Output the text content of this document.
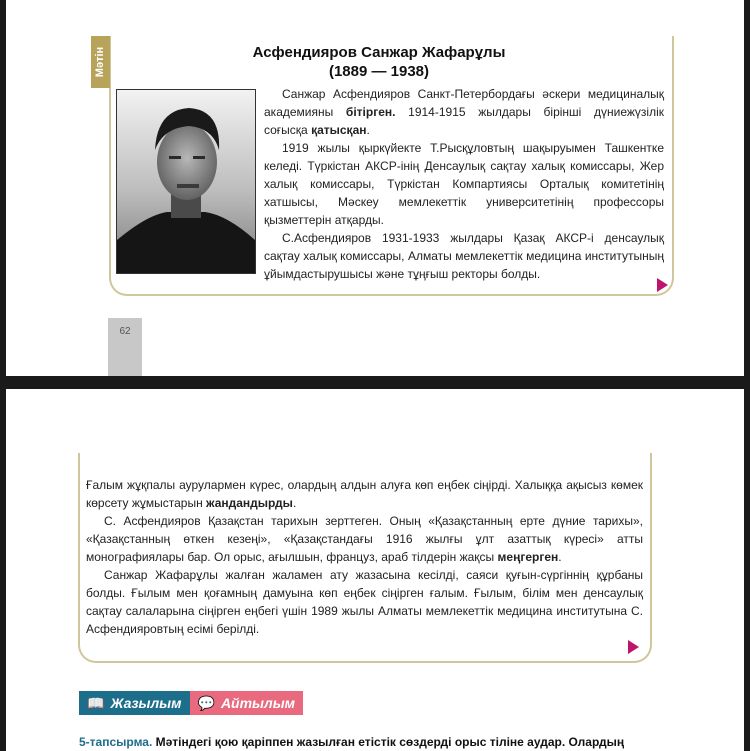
Мәтін	Асфендияров Санжар Жафарұлы
(1889 — 1938)

Санжар Асфендияров Санкт-Петербордағы әскери медициналық академияны бітірген. 1914-1915 жылдары бірінші дүниежүзілік соғысқа қатысқан.

1919 жылы қыркүйекте Т.Рысқұловтың шақыруымен Ташкентке келеді. Түркістан АКСР-інің Денсаулық сақтау халық комиссары, Жер халық комиссары, Түркістан Компартиясы Орталық комитетінің хатшысы, Мәскеу мемлекеттік университетінің профессоры қызметтерін атқарды.

С.Асфендияров 1931-1933 жылдары Қазақ АКСР-і денсаулық сақтау халық комиссары, Алматы мемлекеттік медицина институтының ұйымдастырушысы және тұңғыш ректоры болды.

62

Ғалым жұқпалы аурулармен күрес, олардың алдын алуға көп еңбек сіңірді. Халыққа ақысыз көмек көрсету жұмыстарын жандандырды.

С. Асфендияров Қазақстан тарихын зерттеген. Оның «Қазақстанның ерте дүние тарихы», «Қазақстанның өткен кезеңі», «Қазақстандағы 1916 жылғы ұлт азаттық күресі» атты монографиялары бар. Ол орыс, ағылшын, француз, араб тілдерін жақсы меңгерген.

Санжар Жафарұлы жалған жаламен ату жазасына кесілді, саяси қуғын-сүргіннің құрбаны болды. Ғылым мен қоғамның дамуына көп еңбек сіңірген ғалым. Ғылым, білім мен денсаулық сақтау салаларына сіңірген еңбегі үшін 1989 жылы Алматы мемлекеттік медицина институтына С. Асфендияровтың есімі берілді.

📖 Жазылым 💬 Айтылым
5-тапсырма. Мәтіндегі қою қаріппен жазылған етістік сөздерді орыс тіліне аудар. Олардың
